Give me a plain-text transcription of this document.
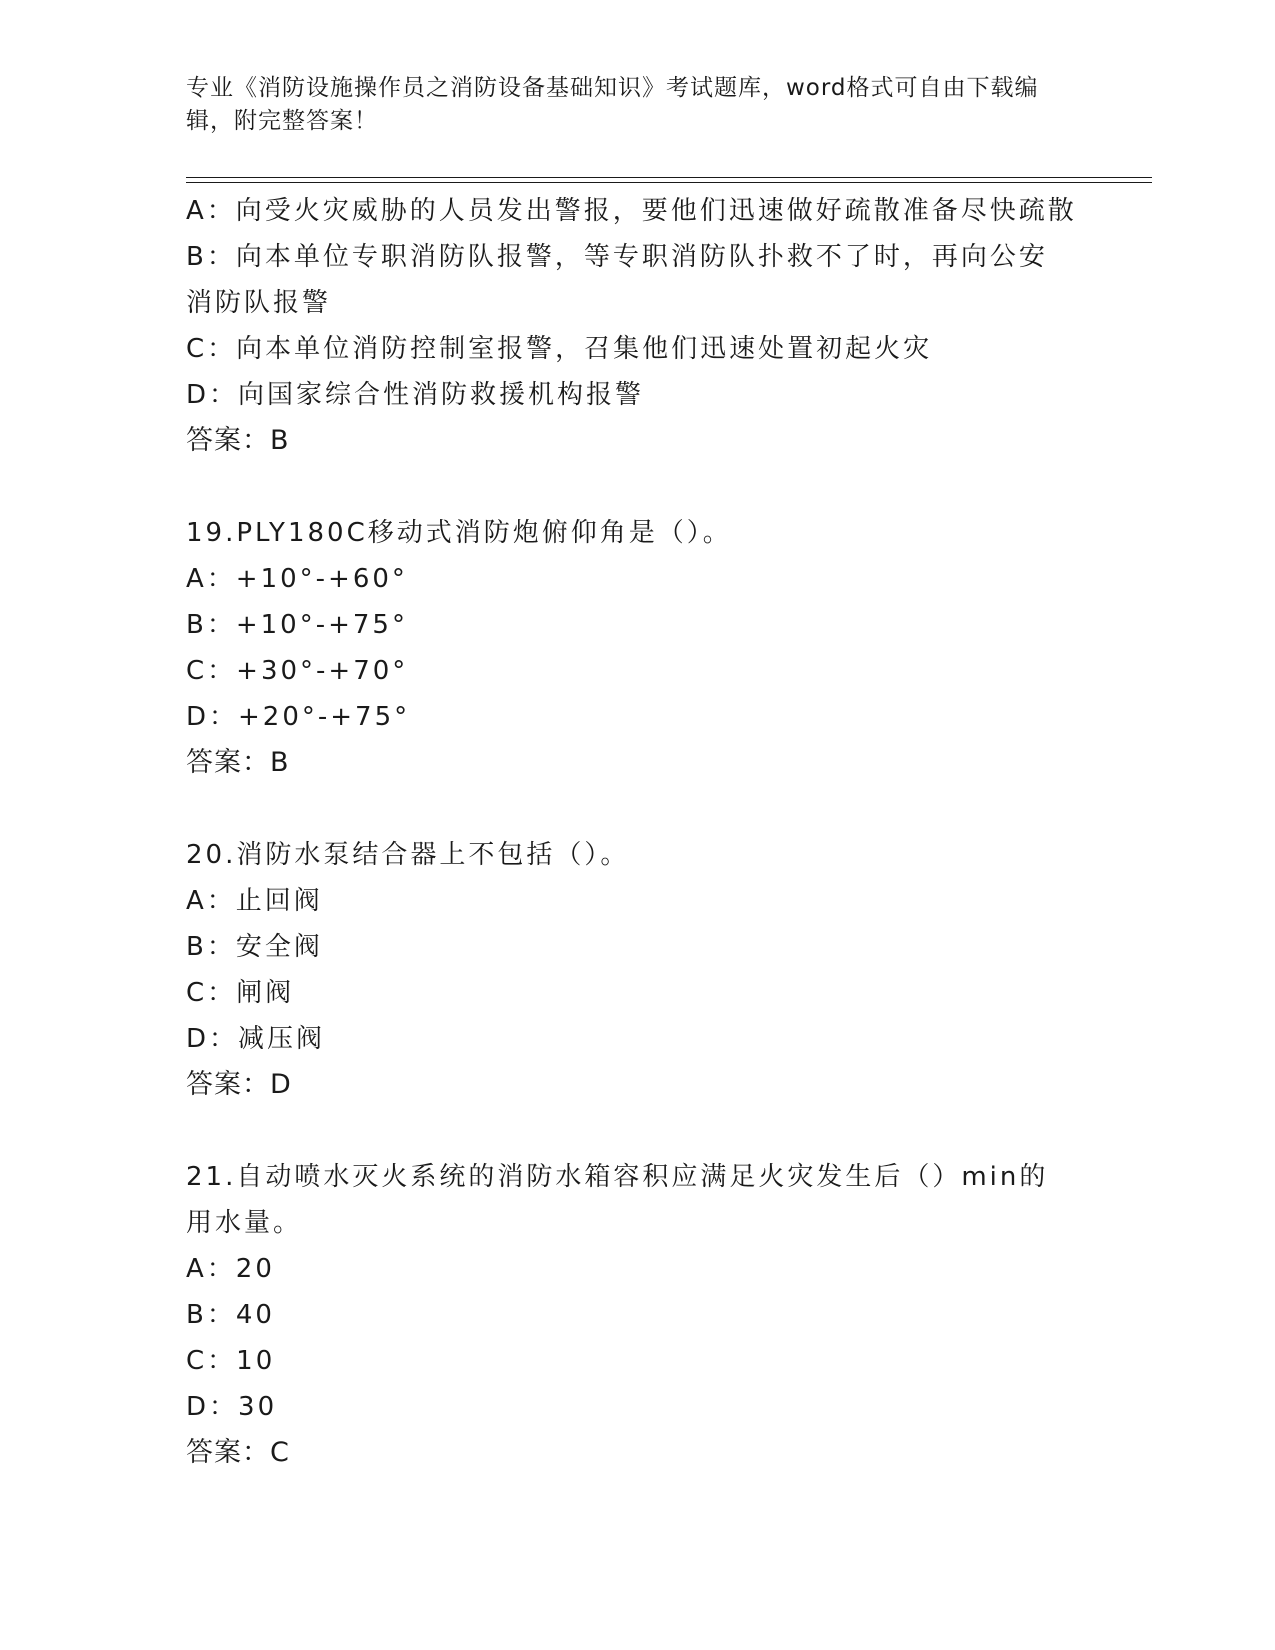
专业《消防设施操作员之消防设备基础知识》考试题库，word格式可自由下载编辑，附完整答案！
A：向受火灾威胁的人员发出警报，要他们迅速做好疏散准备尽快疏散
B：向本单位专职消防队报警，等专职消防队扑救不了时，再向公安消防队报警
C：向本单位消防控制室报警，召集他们迅速处置初起火灾
D：向国家综合性消防救援机构报警
答案：B
19.PLY180C移动式消防炮俯仰角是（）。
A：+10°-+60°
B：+10°-+75°
C：+30°-+70°
D：+20°-+75°
答案：B
20.消防水泵结合器上不包括（）。
A：止回阀
B：安全阀
C：闸阀
D：减压阀
答案：D
21.自动喷水灭火系统的消防水箱容积应满足火灾发生后（）min的用水量。
A：20
B：40
C：10
D：30
答案：C
